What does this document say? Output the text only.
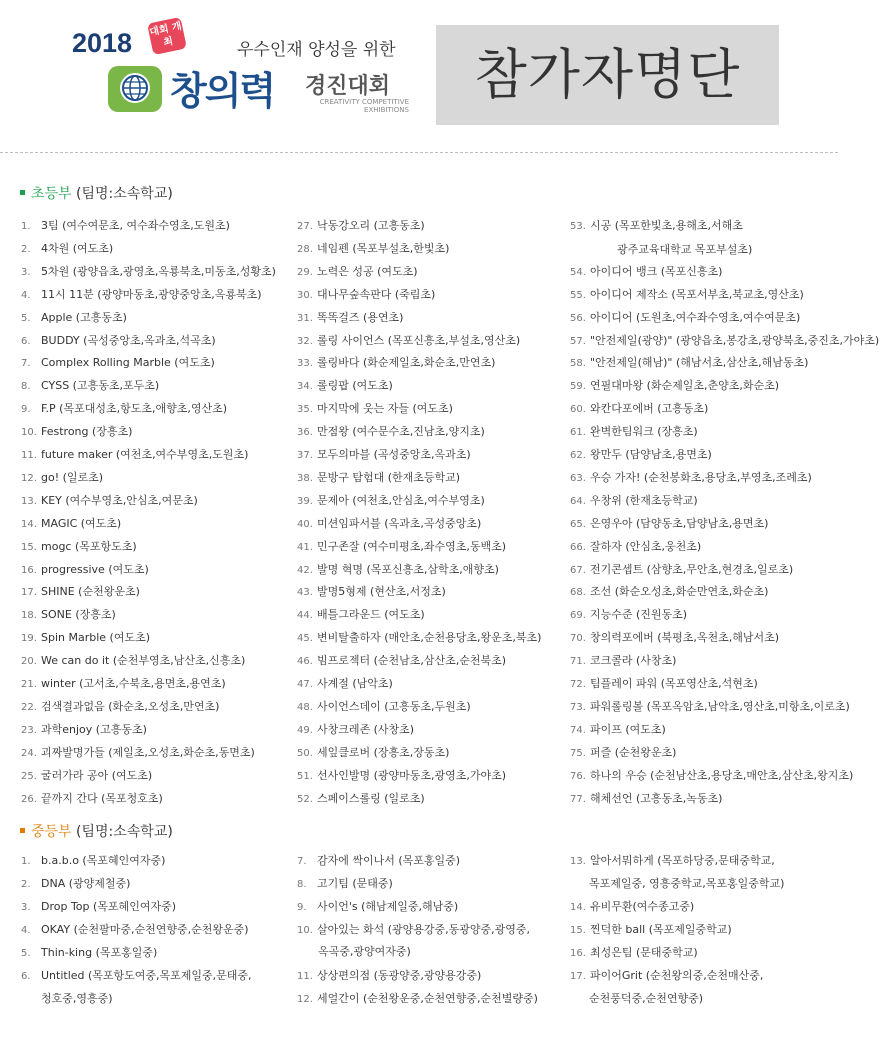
2018 대회 개최	우수인재 양성을 위한
창의력 경진대회
CREATIVITY COMPETITIVE EXHIBITIONS
참가자명단
초등부 (팀명:소속학교)
1. 3팀 (여수여문초, 여수좌수영초,도원초)
2. 4차원 (여도초)
3. 5차원 (광양읍초,광영초,옥룡북초,미동초,성황초)
4. 11시 11분 (광양마동초,광양중앙초,옥룡북초)
5. Apple (고흥동초)
6. BUDDY (곡성중앙초,옥과초,석곡초)
7. Complex Rolling Marble (여도초)
8. CYSS (고흥동초,포두초)
9. F.P (목포대성초,항도초,애향초,영산초)
10. Festrong (장흥초)
11. future maker (여천초,여수부영초,도원초)
12. go! (일로초)
13. KEY (여수부영초,안심초,여문초)
14. MAGIC (여도초)
15. mogc (목포항도초)
16. progressive (여도초)
17. SHINE (순천왕운초)
18. SONE (장흥초)
19. Spin Marble (여도초)
20. We can do it (순천부영초,남산초,신흥초)
21. winter (고서초,수북초,용면초,용연초)
22. 검색결과없음 (화순초,오성초,만연초)
23. 과학enjoy (고흥동초)
24. 괴짜발명가들 (제일초,오성초,화순초,동면초)
25. 굴러가라 공아 (여도초)
26. 끝까지 간다 (목포청호초)
27. 낙동강오리 (고흥동초)
28. 네임펜 (목포부설초,한빛초)
29. 노력은 성공 (여도초)
30. 대나무숲속판다 (죽림초)
31. 똑똑걸즈 (용연초)
32. 롤링 사이언스 (목포신흥초,부설초,영산초)
33. 롤링바다 (화순제일초,화순초,만연초)
34. 롤링팝 (여도초)
35. 마지막에 웃는 자들 (여도초)
36. 만점왕 (여수문수초,진남초,양지초)
37. 모두의마블 (곡성중앙초,옥과초)
38. 문방구 탐험대 (한재초등학교)
39. 문제아 (여천초,안심초,여수부영초)
40. 미션임파서블 (옥과초,곡성중앙초)
41. 민구존잘 (여수미평초,좌수영초,동백초)
42. 발명 혁명 (목포신흥초,삼학초,애향초)
43. 발명5형제 (현산초,서정초)
44. 배틀그라운드 (여도초)
45. 변비탈출하자 (매안초,순천용당초,왕운초,북초)
46. 빔프로젝터 (순천남초,삼산초,순천북초)
47. 사계절 (남악초)
48. 사이언스데이 (고흥동초,두원초)
49. 사창크레존 (사창초)
50. 세잎클로버 (장흥초,장동초)
51. 선사인발명 (광양마동초,광영초,가야초)
52. 스페이스롤링 (일로초)
53. 시공 (목포한빛초,용해초,서해초
54. 아이디어 뱅크 (목포신흥초)
55. 아이디어 제작소 (목포서부초,북교초,영산초)
56. 아이디어 (도원초,여수좌수영초,여수여문초)
57. "안전제일(광양)" (광양읍초,봉강초,광양북초,중진초,가야초)
58. "안전제일(해남)" (해남서초,삼산초,해남동초)
59. 연필대마왕 (화순제일초,춘양초,화순초)
60. 와칸다포에버 (고흥동초)
61. 완벽한팀워크 (장흥초)
62. 왕만두 (담양남초,용면초)
63. 우승 가자! (순천봉화초,용당초,부영초,조례초)
64. 우창위 (한재초등학교)
65. 은영우아 (담양동초,담양남초,용면초)
66. 잘하자 (안심초,웅천초)
67. 전기콘셉트 (삼향초,무안초,현경초,일로초)
68. 조선 (화순오성초,화순만연초,화순초)
69. 지능수준 (진원동초)
70. 창의력포에버 (북평초,옥천초,해남서초)
71. 코크콜라 (사창초)
72. 팀플레이 파워 (목포영산초,석현초)
73. 파워롤링볼 (목포옥암초,남악초,영산초,미항초,이로초)
74. 파이프 (여도초)
75. 퍼즐 (순천왕운초)
76. 하나의 우승 (순천남산초,용당초,매안초,삼산초,왕지초)
77. 해체선언 (고흥동초,녹동초)
광주교육대학교 목포부설초)
중등부 (팀명:소속학교)
1. b.a.b.o (목포혜인여자중)
2. DNA (광양제철중)
3. Drop Top (목포혜인여자중)
4. OKAY (순천팔마중,순천연향중,순천왕운중)
5. Thin-king (목포홍일중)
6. Untitled (목포항도여중,목포제일중,문태중,
7. 감자에 싹이나서 (목포홍일중)
8. 고기팀 (문태중)
9. 사이언's (해남제일중,해남중)
10. 살아있는 화석 (광양용강중,동광양중,광영중,
11. 상상편의점 (동광양중,광양용강중)
12. 세얼간이 (순천왕운중,순천연향중,순천별량중)
13. 알아서뭐하게 (목포하당중,문태중학교,
14. 유비무환(여수종고중)
15. 찐덕한 ball (목포제일중학교)
16. 최성은팀 (문태중학교)
17. 파이어Grit (순천왕의중,순천매산중,
청호중,영흥중)
옥곡중,광양여자중)
목포제일중, 영흥중학교,목포홍일중학교)
순천풍덕중,순천연향중)
